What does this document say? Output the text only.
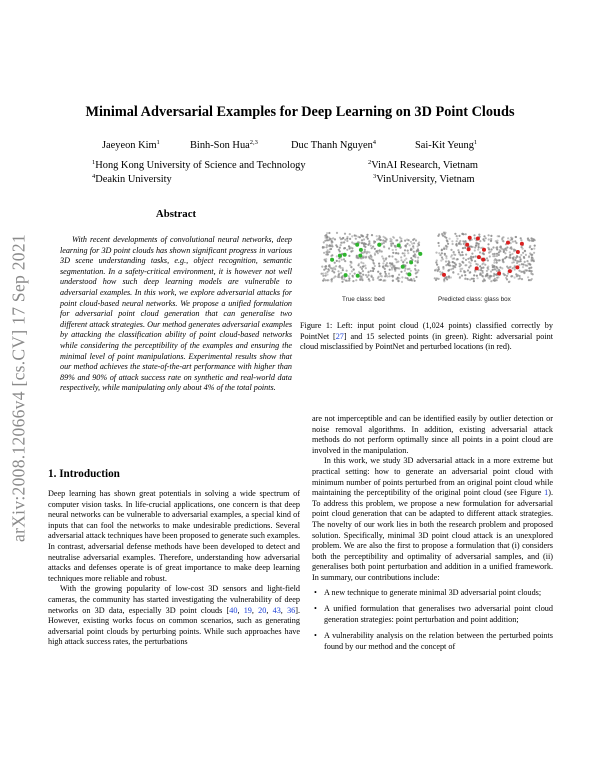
arXiv:2008.12066v4 [cs.CV] 17 Sep 2021
Minimal Adversarial Examples for Deep Learning on 3D Point Clouds
Jaeyeon Kim$^1$	Binh-Son Hua$^{2,3}$	Duc Thanh Nguyen$^4$	Sai-Kit Yeung$^1$
$^1$Hong Kong University of Science and Technology	$^2$VinAI Research, Vietnam
$^4$Deakin University	$^3$VinUniversity, Vietnam
Abstract

With recent developments of convolutional neural networks, deep learning for 3D point clouds has shown significant progress in various 3D scene understanding tasks, e.g., object recognition, semantic segmentation. In a safety-critical environment, it is however not well understood how such deep learning models are vulnerable to adversarial examples. In this work, we explore adversarial attacks for point cloud-based neural networks. We propose a unified formulation for adversarial point cloud generation that can generalise two different attack strategies. Our method generates adversarial examples by attacking the classification ability of point cloud-based networks while considering the perceptibility of the examples and ensuring the minimal level of point manipulations. Experimental results show that our method achieves the state-of-the-art performance with higher than 89% and 90% of attack success rate on synthetic and real-world data respectively, while manipulating only about 4% of the total points.

1. Introduction

Deep learning has shown great potentials in solving a wide spectrum of computer vision tasks. In life-crucial applications, one concern is that deep neural networks can be vulnerable to adversarial examples, a special kind of inputs that can fool the networks to make undesirable predictions. Several adversarial attack techniques have been proposed to generate such examples. In contrast, adversarial defense methods have been developed to detect and neutralise adversarial examples. Therefore, understanding how adversarial attacks and defenses operate is of great importance to make deep learning techniques more reliable and robust.

With the growing popularity of low-cost 3D sensors and light-field cameras, the community has started investigating the vulnerability of deep networks on 3D data, especially 3D point clouds [40, 19, 20, 43, 36]. However, existing works focus on common scenarios, such as generating adversarial point clouds by perturbing points. While such approaches have high attack success rates, the perturbations

True class: bed	Predicted class: glass box
Figure 1: Left: input point cloud (1,024 points) classified correctly by PointNet [27] and 15 selected points (in green). Right: adversarial point cloud misclassified by PointNet and perturbed locations (in red).

are not imperceptible and can be identified easily by outlier detection or noise removal algorithms. In addition, existing adversarial attack methods do not perform optimally since all points in a point cloud are involved in the manipulation.

In this work, we study 3D adversarial attack in a more extreme but practical setting: how to generate an adversarial point cloud with minimum number of points perturbed from an original point cloud while maintaining the perceptibility of the original point cloud (see Figure 1). To address this problem, we propose a new formulation for adversarial point cloud generation that can be adapted to different attack strategies. The novelty of our work lies in both the research problem and proposed solution. Specifically, minimal 3D point cloud attack is an unexplored problem. We are also the first to propose a formulation that (i) considers both the perceptibility and optimality of adversarial samples, and (ii) generalises both point perturbation and addition in a unified framework. In summary, our contributions include:

• A new technique to generate minimal 3D adversarial point clouds;
• A unified formulation that generalises two adversarial point cloud generation strategies: point perturbation and point addition;
• A vulnerability analysis on the relation between the perturbed points found by our method and the concept of
